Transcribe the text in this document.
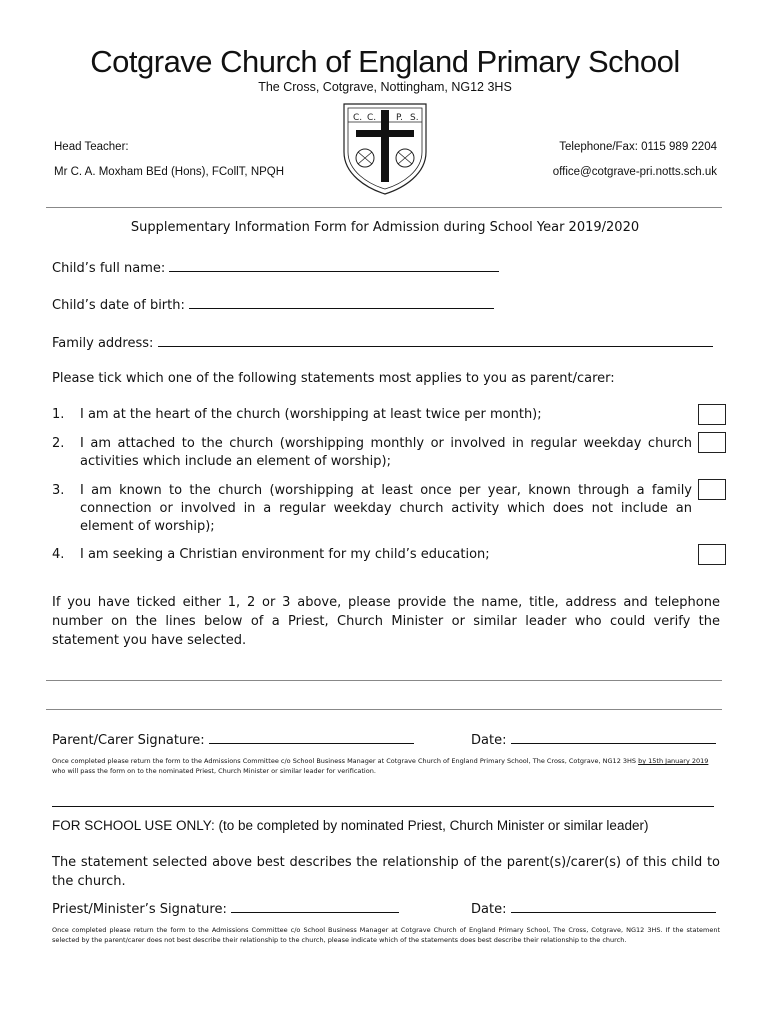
Cotgrave Church of England Primary School
The Cross, Cotgrave, Nottingham, NG12 3HS
Head Teacher:
Mr C. A. Moxham BEd (Hons), FCollT, NPQH
Telephone/Fax: 0115 989 2204
office@cotgrave-pri.notts.sch.uk
C. C. P. S.
Supplementary Information Form for Admission during School Year 2019/2020
Child’s full name:
Child’s date of birth:
Family address:
Please tick which one of the following statements most applies to you as parent/carer:
1. I am at the heart of the church (worshipping at least twice per month);
2. I am attached to the church (worshipping monthly or involved in regular weekday church activities which include an element of worship);
3. I am known to the church (worshipping at least once per year, known through a family connection or involved in a regular weekday church activity which does not include an element of worship);
4. I am seeking a Christian environment for my child’s education;
If you have ticked either 1, 2 or 3 above, please provide the name, title, address and telephone number on the lines below of a Priest, Church Minister or similar leader who could verify the statement you have selected.
Parent/Carer Signature:	Date:
Once completed please return the form to the Admissions Committee c/o School Business Manager at Cotgrave Church of England Primary School, The Cross, Cotgrave, NG12 3HS by 15th January 2019 who will pass the form on to the nominated Priest, Church Minister or similar leader for verification.
FOR SCHOOL USE ONLY: (to be completed by nominated Priest, Church Minister or similar leader)
The statement selected above best describes the relationship of the parent(s)/carer(s) of this child to the church.
Priest/Minister’s Signature:	Date:
Once completed please return the form to the Admissions Committee c/o School Business Manager at Cotgrave Church of England Primary School, The Cross, Cotgrave, NG12 3HS. If the statement selected by the parent/carer does not best describe their relationship to the church, please indicate which of the statements does best describe their relationship to the church.
